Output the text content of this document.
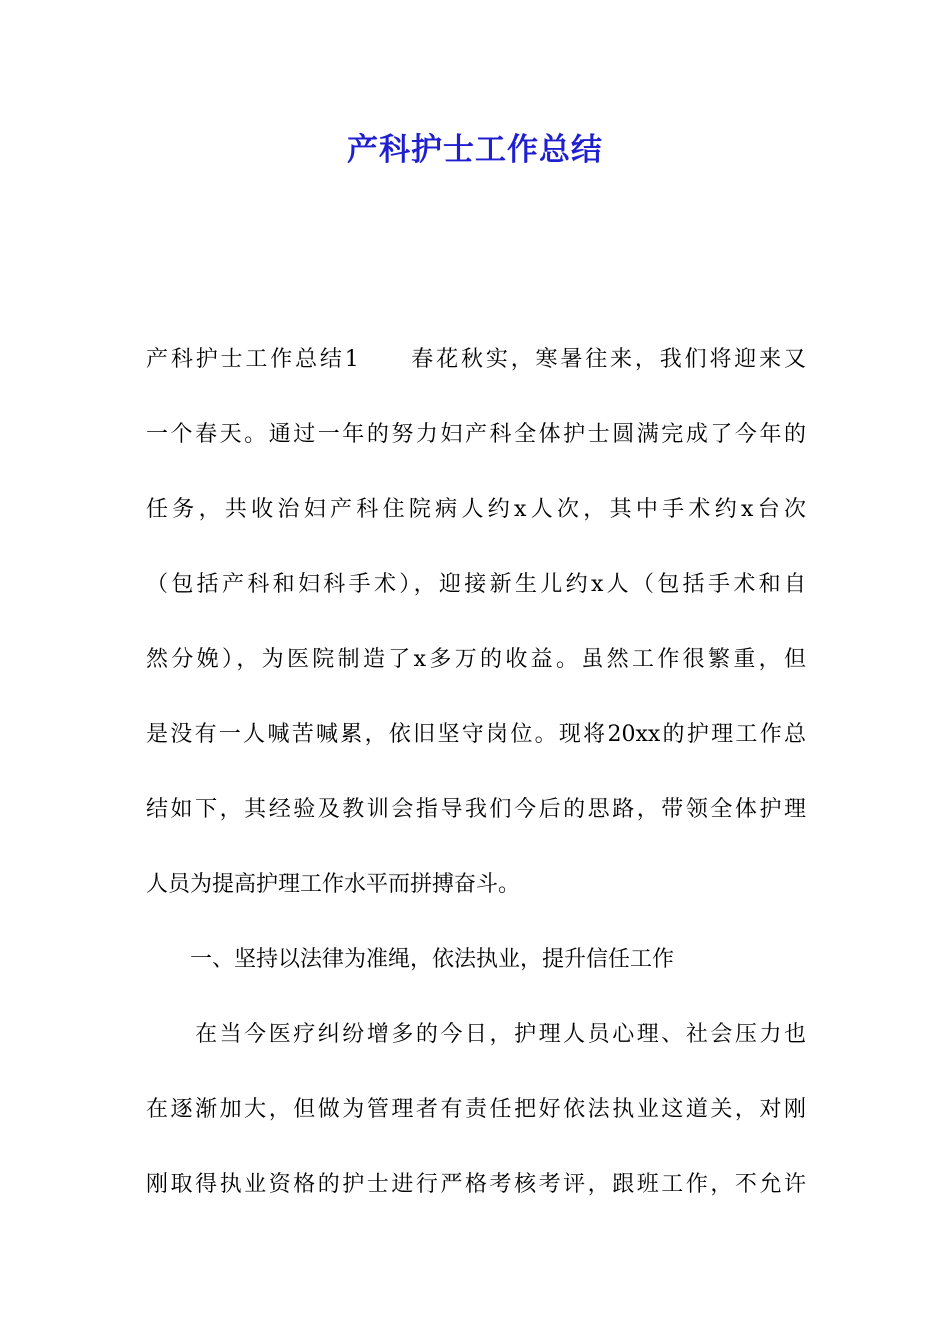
产科护士工作总结
产科护士工作总结1　　春花秋实，寒暑往来，我们将迎来又
一个春天。通过一年的努力妇产科全体护士圆满完成了今年的
任务，共收治妇产科住院病人约x人次，其中手术约x台次
（包括产科和妇科手术），迎接新生儿约x人（包括手术和自
然分娩），为医院制造了x多万的收益。虽然工作很繁重，但
是没有一人喊苦喊累，依旧坚守岗位。现将20xx的护理工作总
结如下，其经验及教训会指导我们今后的思路，带领全体护理
人员为提高护理工作水平而拼搏奋斗。
　　一、坚持以法律为准绳，依法执业，提升信任工作
　　在当今医疗纠纷增多的今日，护理人员心理、社会压力也
在逐渐加大，但做为管理者有责任把好依法执业这道关，对刚
刚取得执业资格的护士进行严格考核考评，跟班工作，不允许
